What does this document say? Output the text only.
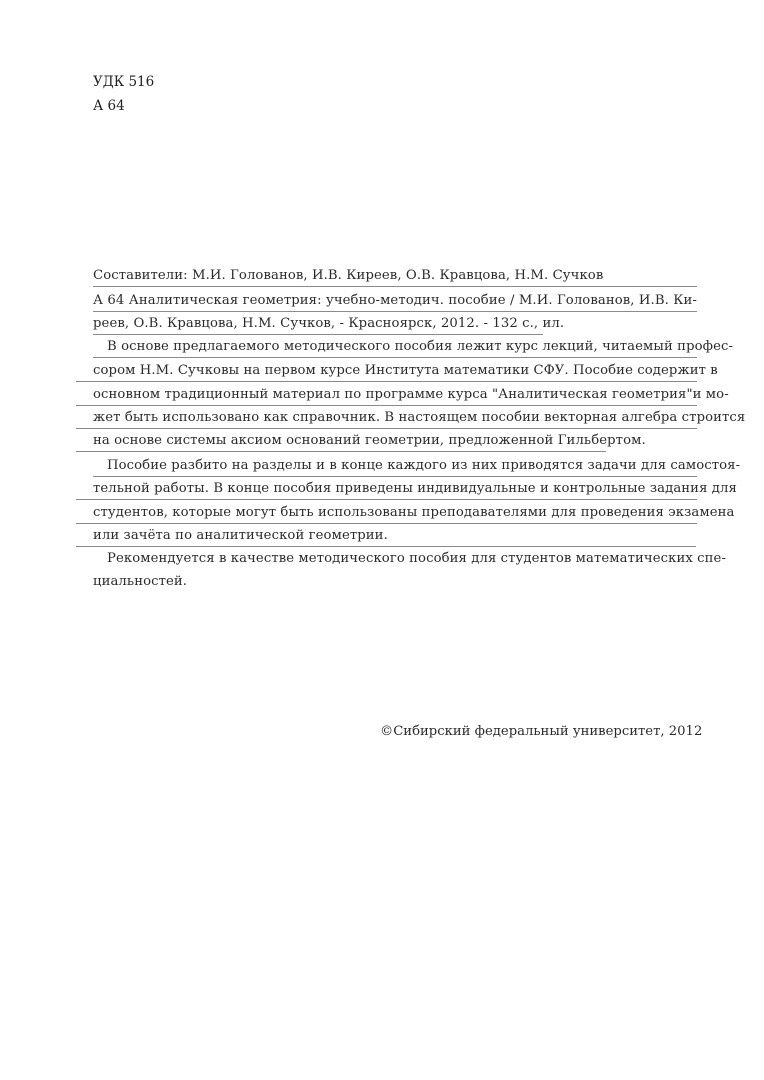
УДК 516
А 64
Составители: М.И. Голованов, И.В. Киреев, О.В. Кравцова, Н.М. Сучков
А 64 Аналитическая геометрия: учебно-методич. пособие / М.И. Голованов, И.В. Ки-
реев, О.В. Кравцова, Н.М. Сучков, - Красноярск, 2012. - 132 с., ил.
В основе предлагаемого методического пособия лежит курс лекций, читаемый профес-
сором Н.М. Сучковы на первом курсе Института математики СФУ. Пособие содержит в
основном традиционный материал по программе курса "Аналитическая геометрия"и мо-
жет быть использовано как справочник. В настоящем пособии векторная алгебра строится
на основе системы аксиом оснований геометрии, предложенной Гильбертом.
Пособие разбито на разделы и в конце каждого из них приводятся задачи для самостоя-
тельной работы. В конце пособия приведены индивидуальные и контрольные задания для
студентов, которые могут быть использованы преподавателями для проведения экзамена
или зачёта по аналитической геометрии.
Рекомендуется в качестве методического пособия для студентов математических спе-
циальностей.
©Сибирский федеральный университет, 2012
